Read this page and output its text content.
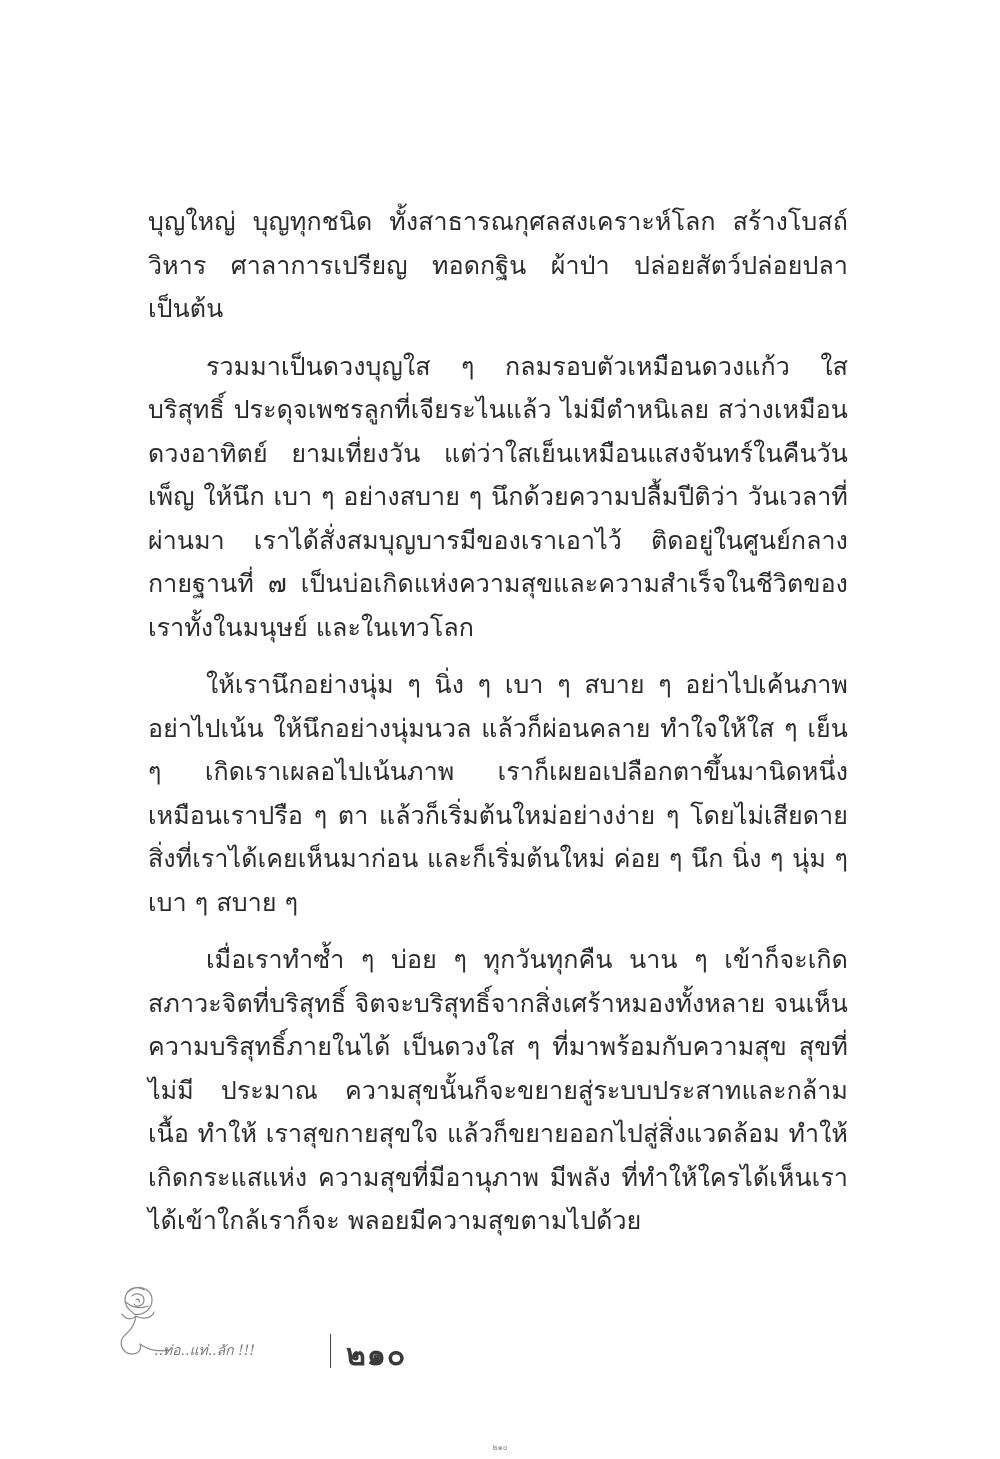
บุญใหญ่ บุญทุกชนิด ทั้งสาธารณกุศลสงเคราะห์โลก สร้างโบสถ์ วิหาร ศาลาการเปรียญ ทอดกฐิน ผ้าป่า ปล่อยสัตว์ปล่อยปลา เป็นต้น

รวมมาเป็นดวงบุญใส ๆ กลมรอบตัวเหมือนดวงแก้ว ใสบริสุทธิ์ ประดุจเพชรลูกที่เจียระไนแล้ว ไม่มีตำหนิเลย สว่างเหมือนดวงอาทิตย์ ยามเที่ยงวัน แต่ว่าใสเย็นเหมือนแสงจันทร์ในคืนวันเพ็ญ ให้นึก เบา ๆ อย่างสบาย ๆ นึกด้วยความปลื้มปีติว่า วันเวลาที่ผ่านมา เราได้สั่งสมบุญบารมีของเราเอาไว้ ติดอยู่ในศูนย์กลางกายฐานที่ ๗ เป็นบ่อเกิดแห่งความสุขและความสำเร็จในชีวิตของเราทั้งในมนุษย์ และในเทวโลก

ให้เรานึกอย่างนุ่ม ๆ นิ่ง ๆ เบา ๆ สบาย ๆ อย่าไปเค้นภาพ อย่าไปเน้น ให้นึกอย่างนุ่มนวล แล้วก็ผ่อนคลาย ทำใจให้ใส ๆ เย็น ๆ เกิดเราเผลอไปเน้นภาพ เราก็เผยอเปลือกตาขึ้นมานิดหนึ่ง เหมือนเราปรือ ๆ ตา แล้วก็เริ่มต้นใหม่อย่างง่าย ๆ โดยไม่เสียดาย สิ่งที่เราได้เคยเห็นมาก่อน และก็เริ่มต้นใหม่ ค่อย ๆ นึก นิ่ง ๆ นุ่ม ๆ เบา ๆ สบาย ๆ

เมื่อเราทำซ้ำ ๆ บ่อย ๆ ทุกวันทุกคืน นาน ๆ เข้าก็จะเกิด สภาวะจิตที่บริสุทธิ์ จิตจะบริสุทธิ์จากสิ่งเศร้าหมองทั้งหลาย จนเห็น ความบริสุทธิ์ภายในได้ เป็นดวงใส ๆ ที่มาพร้อมกับความสุข สุขที่ไม่มี ประมาณ ความสุขนั้นก็จะขยายสู่ระบบประสาทและกล้ามเนื้อ ทำให้ เราสุขกายสุขใจ แล้วก็ขยายออกไปสู่สิ่งแวดล้อม ทำให้เกิดกระแสแห่ง ความสุขที่มีอานุภาพ มีพลัง ที่ทำให้ใครได้เห็นเรา ได้เข้าใกล้เราก็จะ พลอยมีความสุขตามไปด้วย

..ท่อ..แท่..ลัก !!!	๒๑๐
๒๑๐
